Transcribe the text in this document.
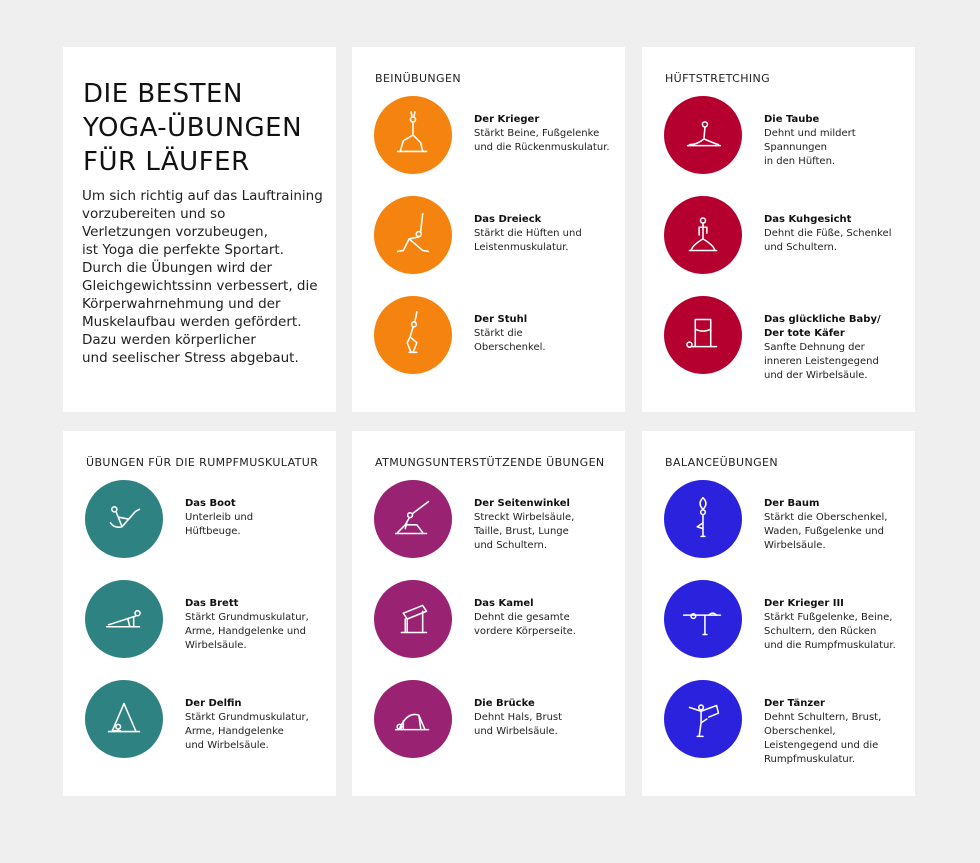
DIE BESTEN
YOGA-ÜBUNGEN
FÜR LÄUFER

Um sich richtig auf das Lauftraining
vorzubereiten und so
Verletzungen vorzubeugen,
ist Yoga die perfekte Sportart.
Durch die Übungen wird der
Gleichgewichtssinn verbessert, die
Körperwahrnehmung und der
Muskelaufbau werden gefördert.
Dazu werden körperlicher
und seelischer Stress abgebaut.

BEINÜBUNGEN
Der Krieger
Stärkt Beine, Fußgelenke
und die Rückenmuskulatur.
Das Dreieck
Stärkt die Hüften und
Leistenmuskulatur.
Der Stuhl
Stärkt die
Oberschenkel.
HÜFTSTRETCHING
Die Taube
Dehnt und mildert
Spannungen
in den Hüften.
Das Kuhgesicht
Dehnt die Füße, Schenkel
und Schultern.
Das glückliche Baby/
Der tote Käfer
Sanfte Dehnung der
inneren Leistengegend
und der Wirbelsäule.
ÜBUNGEN FÜR DIE RUMPFMUSKULATUR
Das Boot
Unterleib und
Hüftbeuge.
Das Brett
Stärkt Grundmuskulatur,
Arme, Handgelenke und
Wirbelsäule.
Der Delfin
Stärkt Grundmuskulatur,
Arme, Handgelenke
und Wirbelsäule.
ATMUNGSUNTERSTÜTZENDE ÜBUNGEN
Der Seitenwinkel
Streckt Wirbelsäule,
Taille, Brust, Lunge
und Schultern.
Das Kamel
Dehnt die gesamte
vordere Körperseite.
Die Brücke
Dehnt Hals, Brust
und Wirbelsäule.
BALANCEÜBUNGEN
Der Baum
Stärkt die Oberschenkel,
Waden, Fußgelenke und
Wirbelsäule.
Der Krieger III
Stärkt Fußgelenke, Beine,
Schultern, den Rücken
und die Rumpfmuskulatur.
Der Tänzer
Dehnt Schultern, Brust,
Oberschenkel,
Leistengegend und die
Rumpfmuskulatur.
